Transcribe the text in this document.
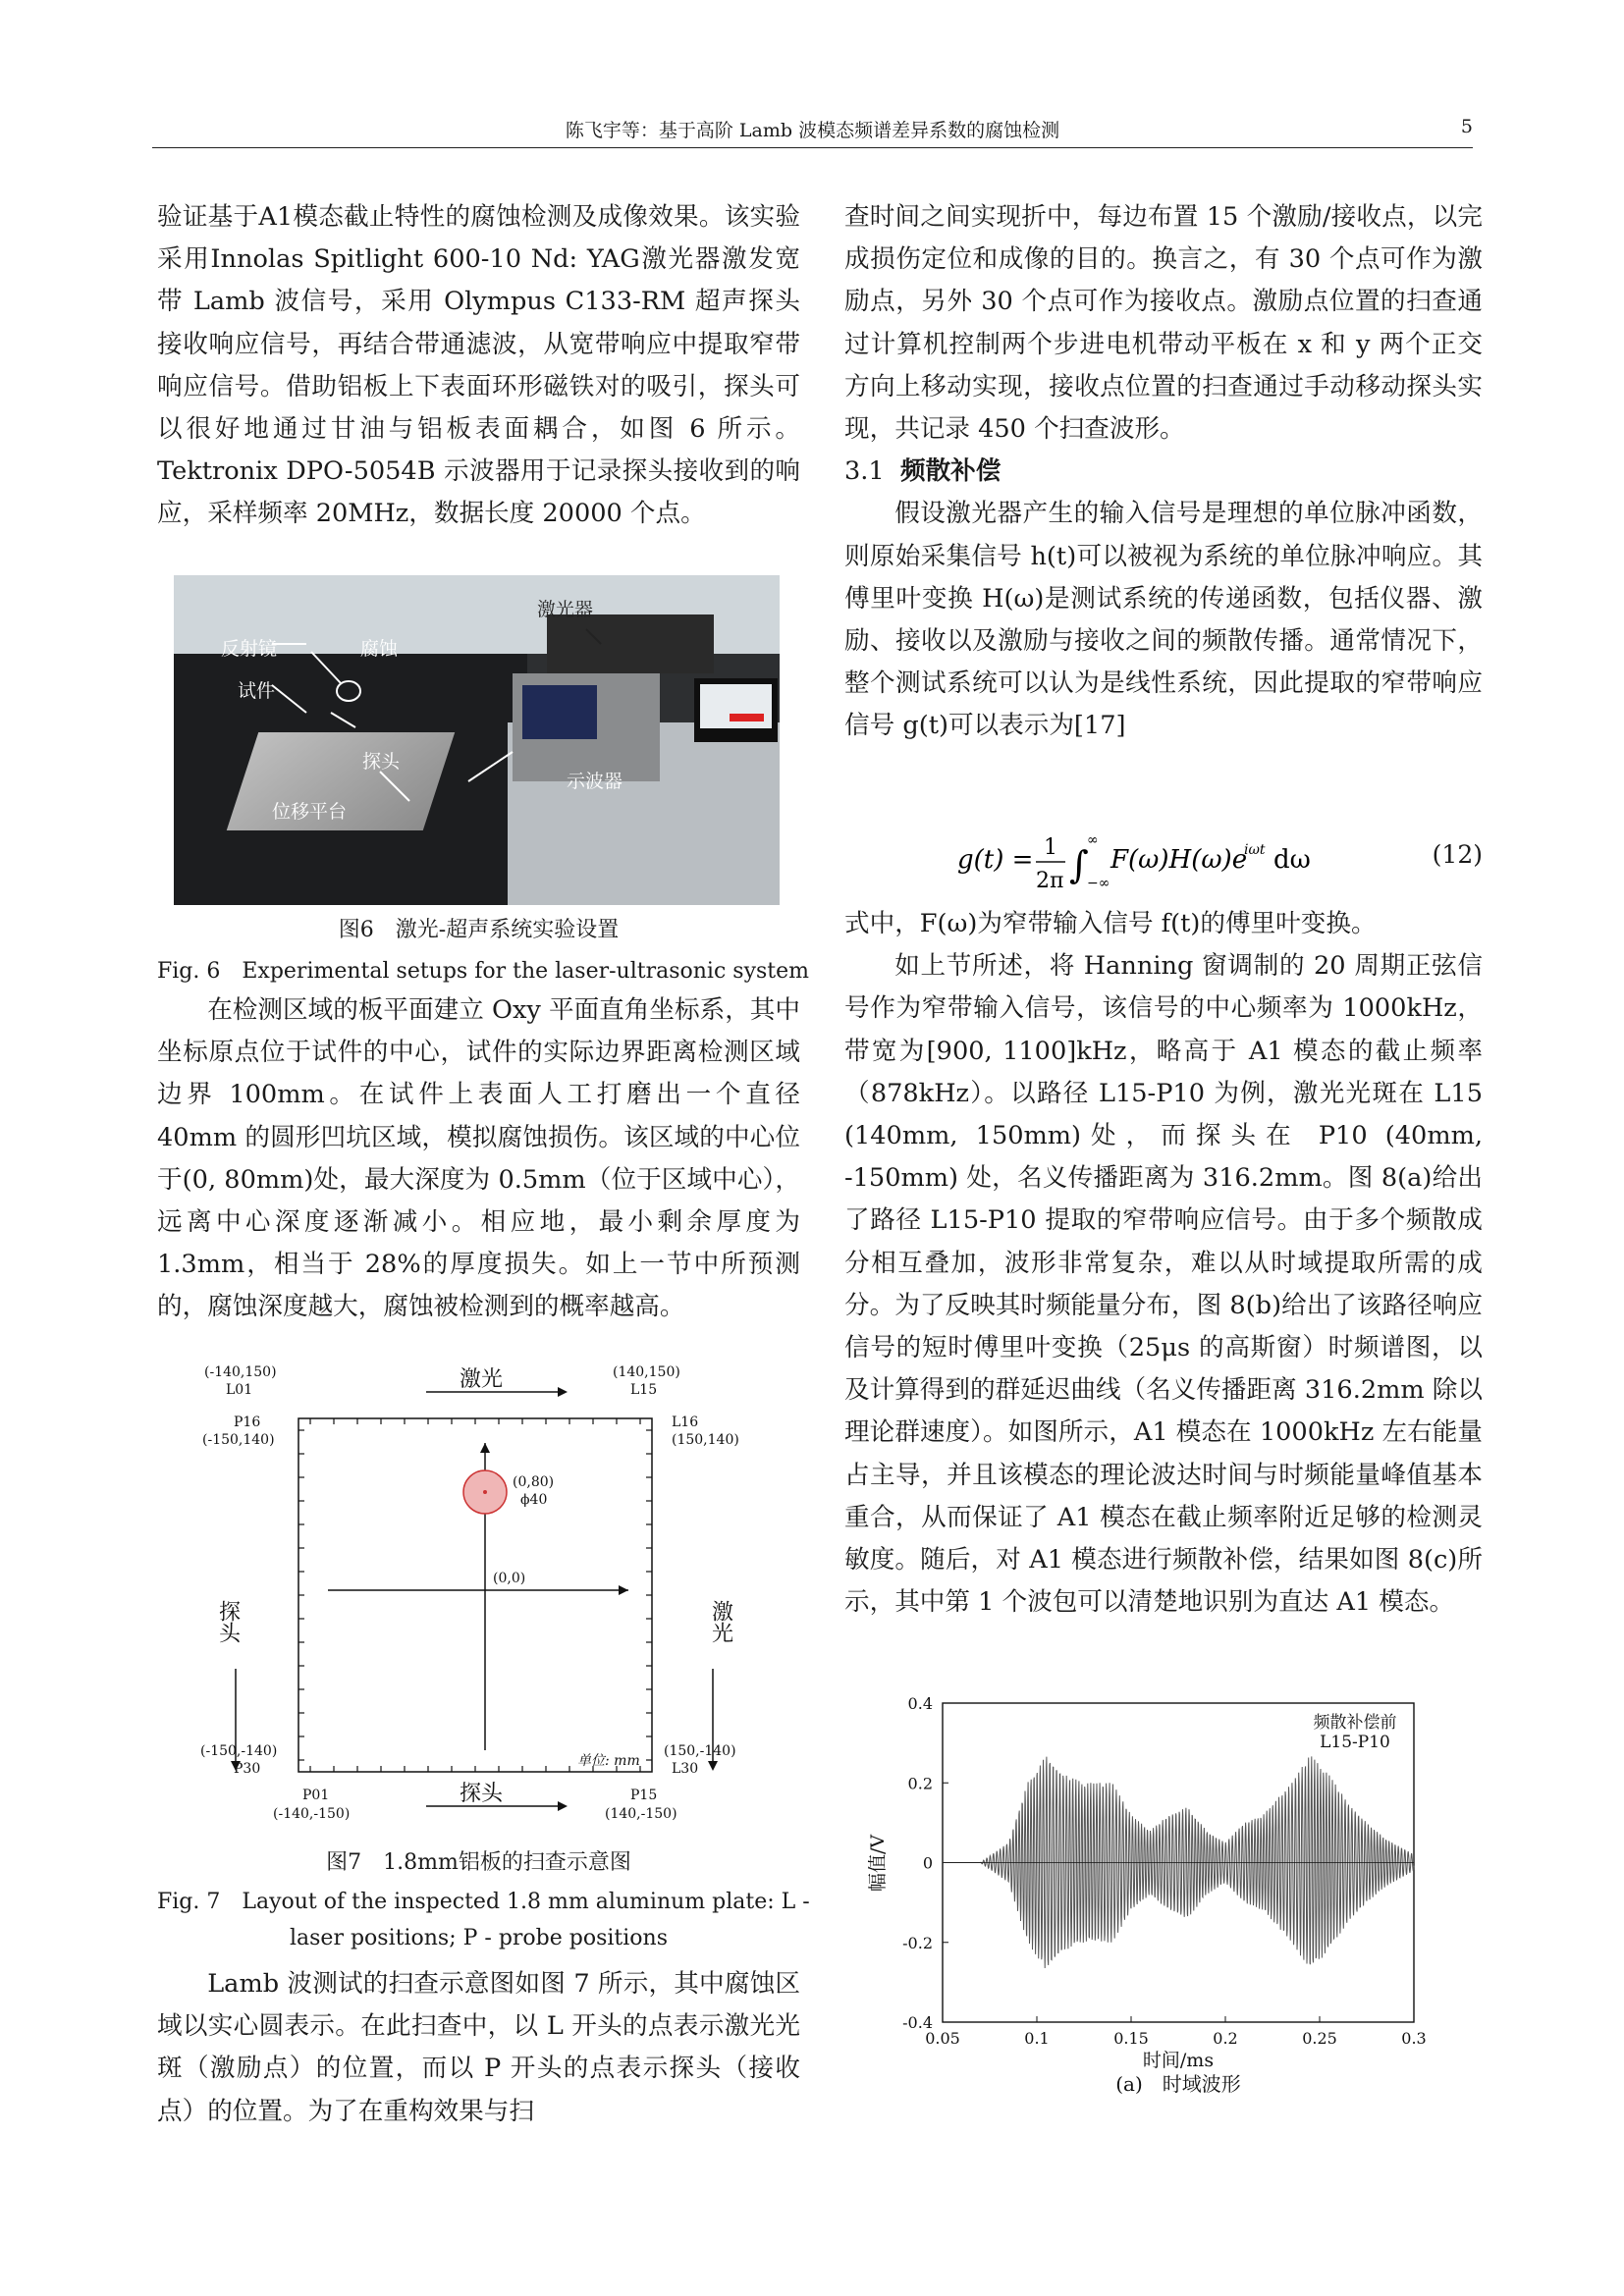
陈飞宇等：基于高阶 Lamb 波模态频谱差异系数的腐蚀检测	5

验证基于A1模态截止特性的腐蚀检测及成像效果。该实验采用Innolas Spitlight 600-10 Nd: YAG激光器激发宽带 Lamb 波信号，采用 Olympus C133-RM 超声探头接收响应信号，再结合带通滤波，从宽带响应中提取窄带响应信号。借助铝板上下表面环形磁铁对的吸引，探头可以很好地通过甘油与铝板表面耦合，如图 6 所示。Tektronix DPO-5054B 示波器用于记录探头接收到的响应，采样频率 20MHz，数据长度 20000 个点。

反射镜	腐蚀
试件
探头
位移平台
激光器
示波器
图6　激光-超声系统实验设置
Fig. 6　Experimental setups for the laser-ultrasonic system

在检测区域的板平面建立 Oxy 平面直角坐标系，其中坐标原点位于试件的中心，试件的实际边界距离检测区域边界 100mm。在试件上表面人工打磨出一个直径 40mm 的圆形凹坑区域，模拟腐蚀损伤。该区域的中心位于(0, 80mm)处，最大深度为 0.5mm（位于区域中心），远离中心深度逐渐减小。相应地，最小剩余厚度为 1.3mm，相当于 28%的厚度损失。如上一节中所预测的，腐蚀深度越大，腐蚀被检测到的概率越高。

激光
探头
探头	激光
(-140,150)
L01
(140,150)
L15
P16
(-150,140)
L16
(150,140)
(-150,-140)
P30
(150,-140)
L30
P01
(-140,-150)
P15
(140,-150)
(0,0)
(0,80)
ϕ40
单位: mm
图7　1.8mm铝板的扫查示意图
Fig. 7　Layout of the inspected 1.8 mm aluminum plate: L -
laser positions; P - probe positions

Lamb 波测试的扫查示意图如图 7 所示，其中腐蚀区域以实心圆表示。在此扫查中，以 L 开头的点表示激光光斑（激励点）的位置，而以 P 开头的点表示探头（接收点）的位置。为了在重构效果与扫

查时间之间实现折中，每边布置 15 个激励/接收点，以完成损伤定位和成像的目的。换言之，有 30 个点可作为激励点，另外 30 个点可作为接收点。激励点位置的扫查通过计算机控制两个步进电机带动平板在 x 和 y 两个正交方向上移动实现，接收点位置的扫查通过手动移动探头实现，共记录 450 个扫查波形。

3.1 频散补偿

假设激光器产生的输入信号是理想的单位脉冲函数，则原始采集信号 h(t)可以被视为系统的单位脉冲响应。其傅里叶变换 H(ω)是测试系统的传递函数，包括仪器、激励、接收以及激励与接收之间的频散传播。通常情况下，整个测试系统可以认为是线性系统，因此提取的窄带响应信号 g(t)可以表示为[17]

g(t) = 1
2π ∫
∞
−∞
F(ω)H(ω)e
iωt dω	(12)

式中，F(ω)为窄带输入信号 f(t)的傅里叶变换。

如上节所述，将 Hanning 窗调制的 20 周期正弦信号作为窄带输入信号，该信号的中心频率为 1000kHz，带宽为[900, 1100]kHz，略高于 A1 模态的截止频率（878kHz）。以路径 L15-P10 为例，激光光斑在 L15 (140mm, 150mm)处，而探头在 P10 (40mm, -150mm) 处，名义传播距离为 316.2mm。图 8(a)给出了路径 L15-P10 提取的窄带响应信号。由于多个频散成分相互叠加，波形非常复杂，难以从时域提取所需的成分。为了反映其时频能量分布，图 8(b)给出了该路径响应信号的短时傅里叶变换（25μs 的高斯窗）时频谱图，以及计算得到的群延迟曲线（名义传播距离 316.2mm 除以理论群速度）。如图所示，A1 模态在 1000kHz 左右能量占主导，并且该模态的理论波达时间与时频能量峰值基本重合，从而保证了 A1 模态在截止频率附近足够的检测灵敏度。随后，对 A1 模态进行频散补偿，结果如图 8(c)所示，其中第 1 个波包可以清楚地识别为直达 A1 模态。

0.05	0.1	0.15	0.2	0.25	0.3
0.4
0.2
0
-0.2
-0.4
频散补偿前
L15-P10
时间/ms
幅值/V
(a)　时域波形
